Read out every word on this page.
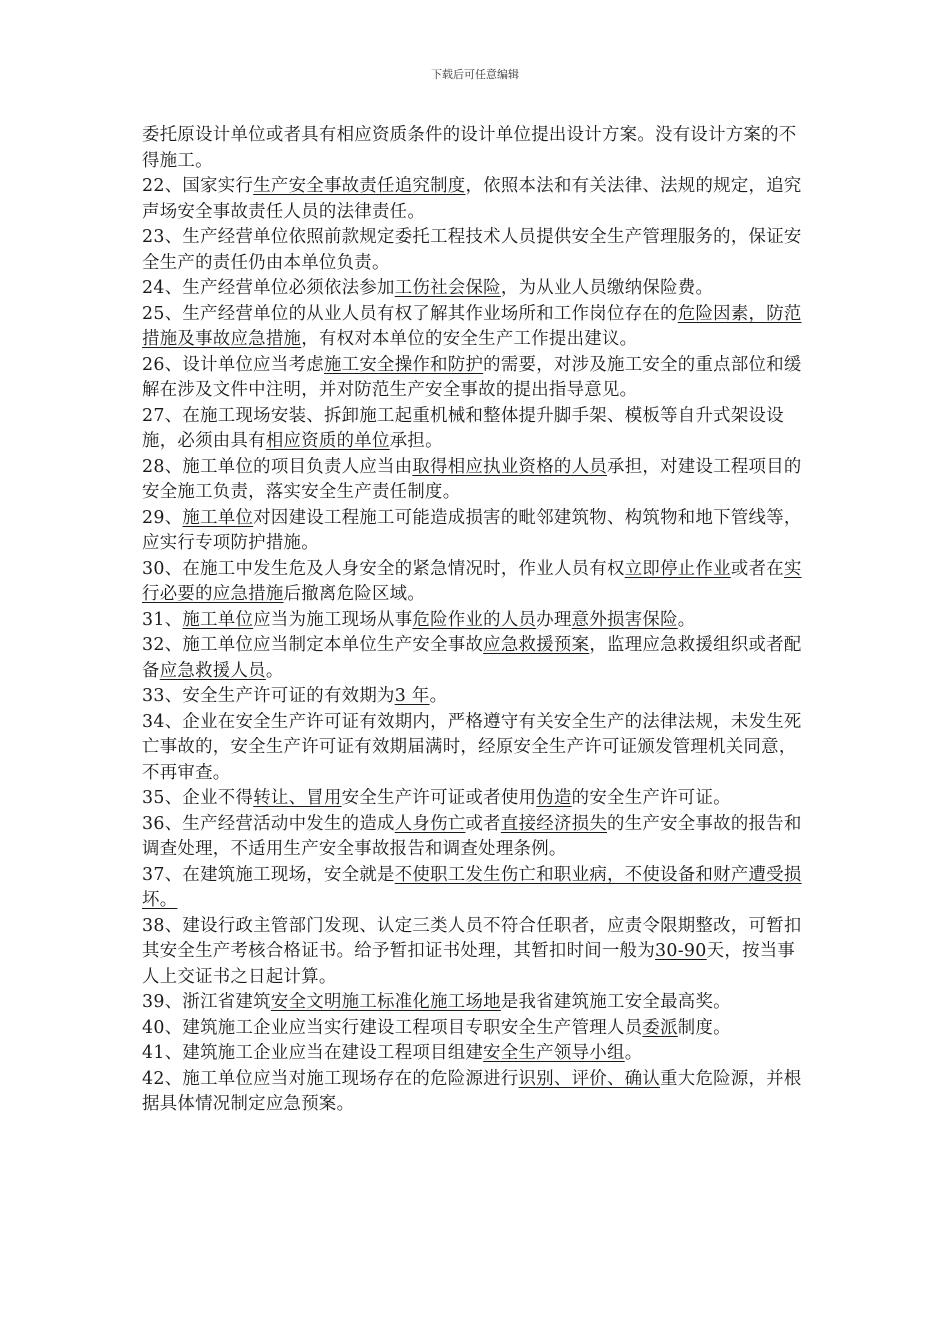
下载后可任意编辑

委托原设计单位或者具有相应资质条件的设计单位提出设计方案。没有设计方案的不得施工。

22、国家实行生产安全事故责任追究制度，依照本法和有关法律、法规的规定，追究声场安全事故责任人员的法律责任。

23、生产经营单位依照前款规定委托工程技术人员提供安全生产管理服务的，保证安全生产的责任仍由本单位负责。

24、生产经营单位必须依法参加工伤社会保险，为从业人员缴纳保险费。

25、生产经营单位的从业人员有权了解其作业场所和工作岗位存在的危险因素，防范措施及事故应急措施，有权对本单位的安全生产工作提出建议。

26、设计单位应当考虑施工安全操作和防护的需要，对涉及施工安全的重点部位和缓解在涉及文件中注明，并对防范生产安全事故的提出指导意见。

27、在施工现场安装、拆卸施工起重机械和整体提升脚手架、模板等自升式架设设施，必须由具有相应资质的单位承担。

28、施工单位的项目负责人应当由取得相应执业资格的人员承担，对建设工程项目的安全施工负责，落实安全生产责任制度。

29、施工单位对因建设工程施工可能造成损害的毗邻建筑物、构筑物和地下管线等，应实行专项防护措施。

30、在施工中发生危及人身安全的紧急情况时，作业人员有权立即停止作业或者在实行必要的应急措施后撤离危险区域。

31、施工单位应当为施工现场从事危险作业的人员办理意外损害保险。

32、施工单位应当制定本单位生产安全事故应急救援预案，监理应急救援组织或者配备应急救援人员。

33、安全生产许可证的有效期为3 年。

34、企业在安全生产许可证有效期内，严格遵守有关安全生产的法律法规，未发生死亡事故的，安全生产许可证有效期届满时，经原安全生产许可证颁发管理机关同意，不再审查。

35、企业不得转让、冒用安全生产许可证或者使用伪造的安全生产许可证。

36、生产经营活动中发生的造成人身伤亡或者直接经济损失的生产安全事故的报告和调查处理，不适用生产安全事故报告和调查处理条例。

37、在建筑施工现场，安全就是不使职工发生伤亡和职业病，不使设备和财产遭受损坏。

38、建设行政主管部门发现、认定三类人员不符合任职者，应责令限期整改，可暂扣其安全生产考核合格证书。给予暂扣证书处理，其暂扣时间一般为30-90天，按当事人上交证书之日起计算。

39、浙江省建筑安全文明施工标准化施工场地是我省建筑施工安全最高奖。

40、建筑施工企业应当实行建设工程项目专职安全生产管理人员委派制度。

41、建筑施工企业应当在建设工程项目组建安全生产领导小组。

42、施工单位应当对施工现场存在的危险源进行识别、评价、确认重大危险源，并根据具体情况制定应急预案。
